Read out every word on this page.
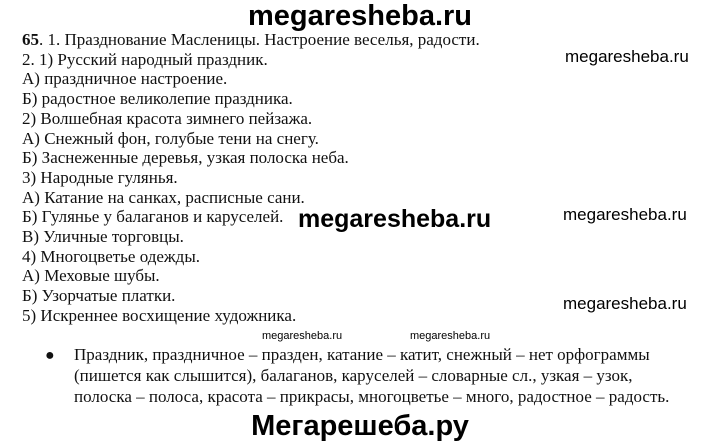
megaresheba.ru
65. 1. Празднование Масленицы. Настроение веселья, радости.
2. 1) Русский народный праздник.
А) праздничное настроение.
Б) радостное великолепие праздника.
2) Волшебная красота зимнего пейзажа.
А) Снежный фон, голубые тени на снегу.
Б) Заснеженные деревья, узкая полоска неба.
3) Народные гулянья.
А) Катание на санках, расписные сани.
Б) Гулянье у балаганов и каруселей.
В) Уличные торговцы.
4) Многоцветье одежды.
А) Меховые шубы.
Б) Узорчатые платки.
5) Искреннее восхищение художника.
megaresheba.ru
megaresheba.ru
megaresheba.ru
megaresheba.ru
megaresheba.ru	megaresheba.ru
● Праздник, праздничное – празден, катание – катит, снежный – нет орфограммы
(пишется как слышится), балаганов, каруселей – словарные сл., узкая – узок,
полоска – полоса, красота – прикрасы, многоцветье – много, радостное – радость.
Мегарешеба.ру
